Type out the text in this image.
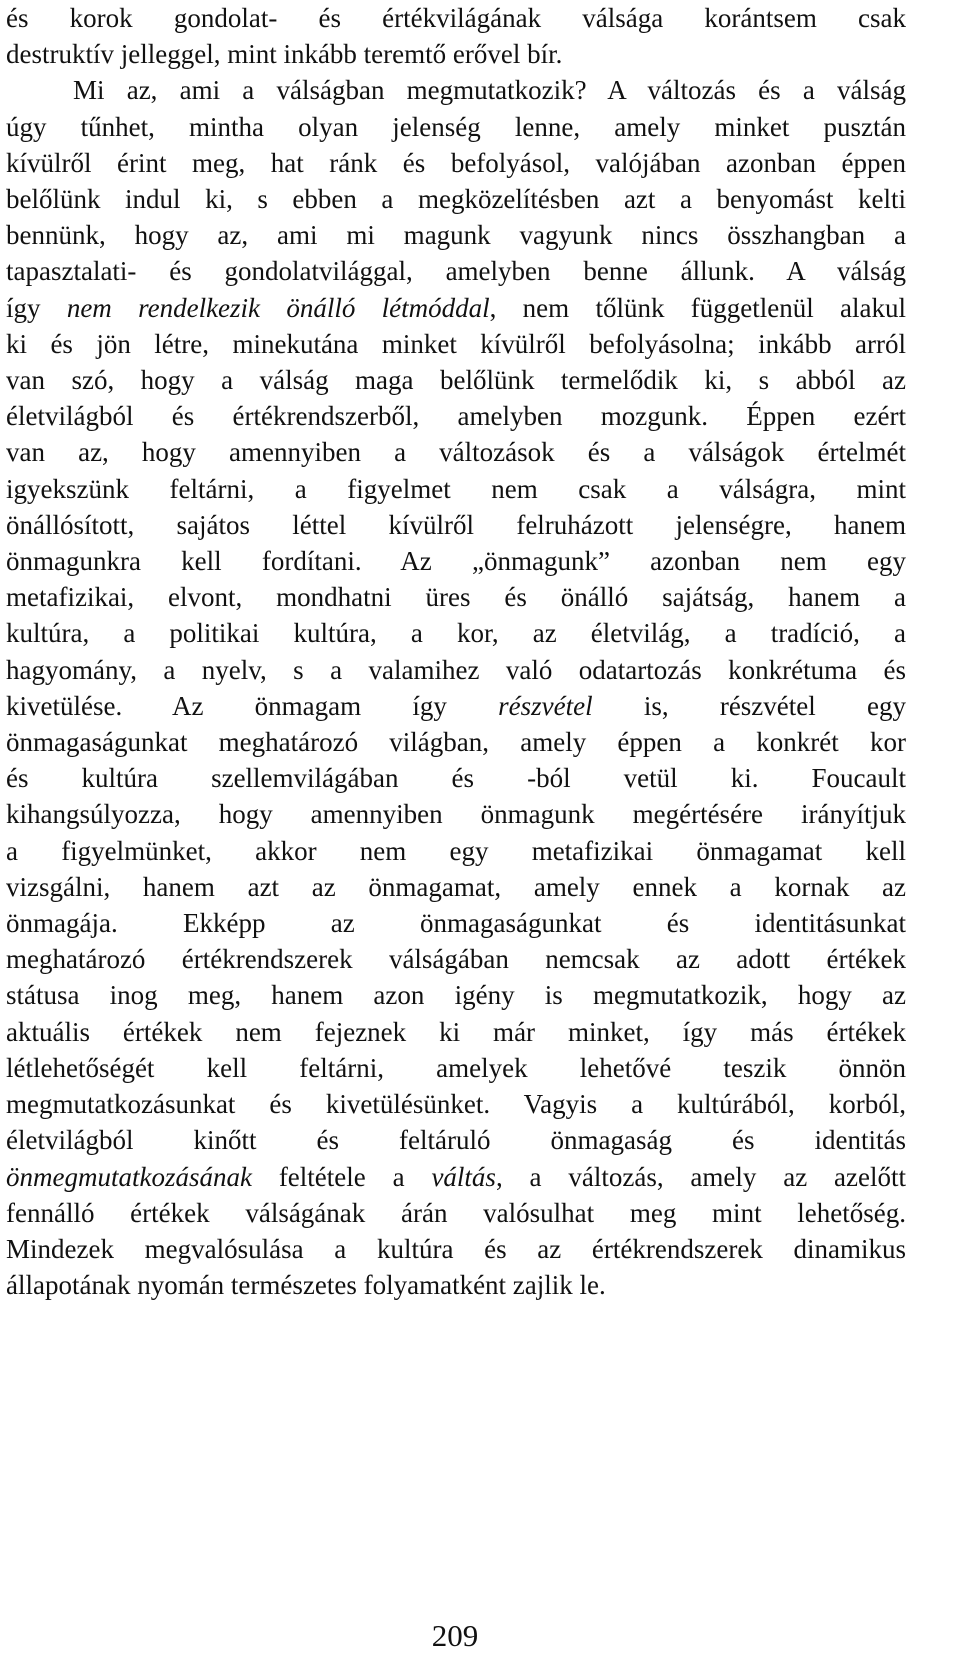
és korok gondolat- és értékvilágának válsága korántsem csak
destruktív jelleggel, mint inkább teremtő erővel bír.
Mi az, ami a válságban megmutatkozik? A változás és a válság
úgy tűnhet, mintha olyan jelenség lenne, amely minket pusztán
kívülről érint meg, hat ránk és befolyásol, valójában azonban éppen
belőlünk indul ki, s ebben a megközelítésben azt a benyomást kelti
bennünk, hogy az, ami mi magunk vagyunk nincs összhangban a
tapasztalati- és gondolatvilággal, amelyben benne állunk. A válság
így nem rendelkezik önálló létmóddal, nem tőlünk függetlenül alakul
ki és jön létre, minekutána minket kívülről befolyásolna; inkább arról
van szó, hogy a válság maga belőlünk termelődik ki, s abból az
életvilágból és értékrendszerből, amelyben mozgunk. Éppen ezért
van az, hogy amennyiben a változások és a válságok értelmét
igyekszünk feltárni, a figyelmet nem csak a válságra, mint
önállósított, sajátos léttel kívülről felruházott jelenségre, hanem
önmagunkra kell fordítani. Az „önmagunk” azonban nem egy
metafizikai, elvont, mondhatni üres és önálló sajátság, hanem a
kultúra, a politikai kultúra, a kor, az életvilág, a tradíció, a
hagyomány, a nyelv, s a valamihez való odatartozás konkrétuma és
kivetülése. Az önmagam így részvétel is, részvétel egy
önmagaságunkat meghatározó világban, amely éppen a konkrét kor
és kultúra szellemvilágában és -ból vetül ki. Foucault
kihangsúlyozza, hogy amennyiben önmagunk megértésére irányítjuk
a figyelmünket, akkor nem egy metafizikai önmagamat kell
vizsgálni, hanem azt az önmagamat, amely ennek a kornak az
önmagája. Ekképp az önmagaságunkat és identitásunkat
meghatározó értékrendszerek válságában nemcsak az adott értékek
státusa inog meg, hanem azon igény is megmutatkozik, hogy az
aktuális értékek nem fejeznek ki már minket, így más értékek
létlehetőségét kell feltárni, amelyek lehetővé teszik önnön
megmutatkozásunkat és kivetülésünket. Vagyis a kultúrából, korból,
életvilágból kinőtt és feltáruló önmagaság és identitás
önmegmutatkozásának feltétele a váltás, a változás, amely az azelőtt
fennálló értékek válságának árán valósulhat meg mint lehetőség.
Mindezek megvalósulása a kultúra és az értékrendszerek dinamikus
állapotának nyomán természetes folyamatként zajlik le.
209
